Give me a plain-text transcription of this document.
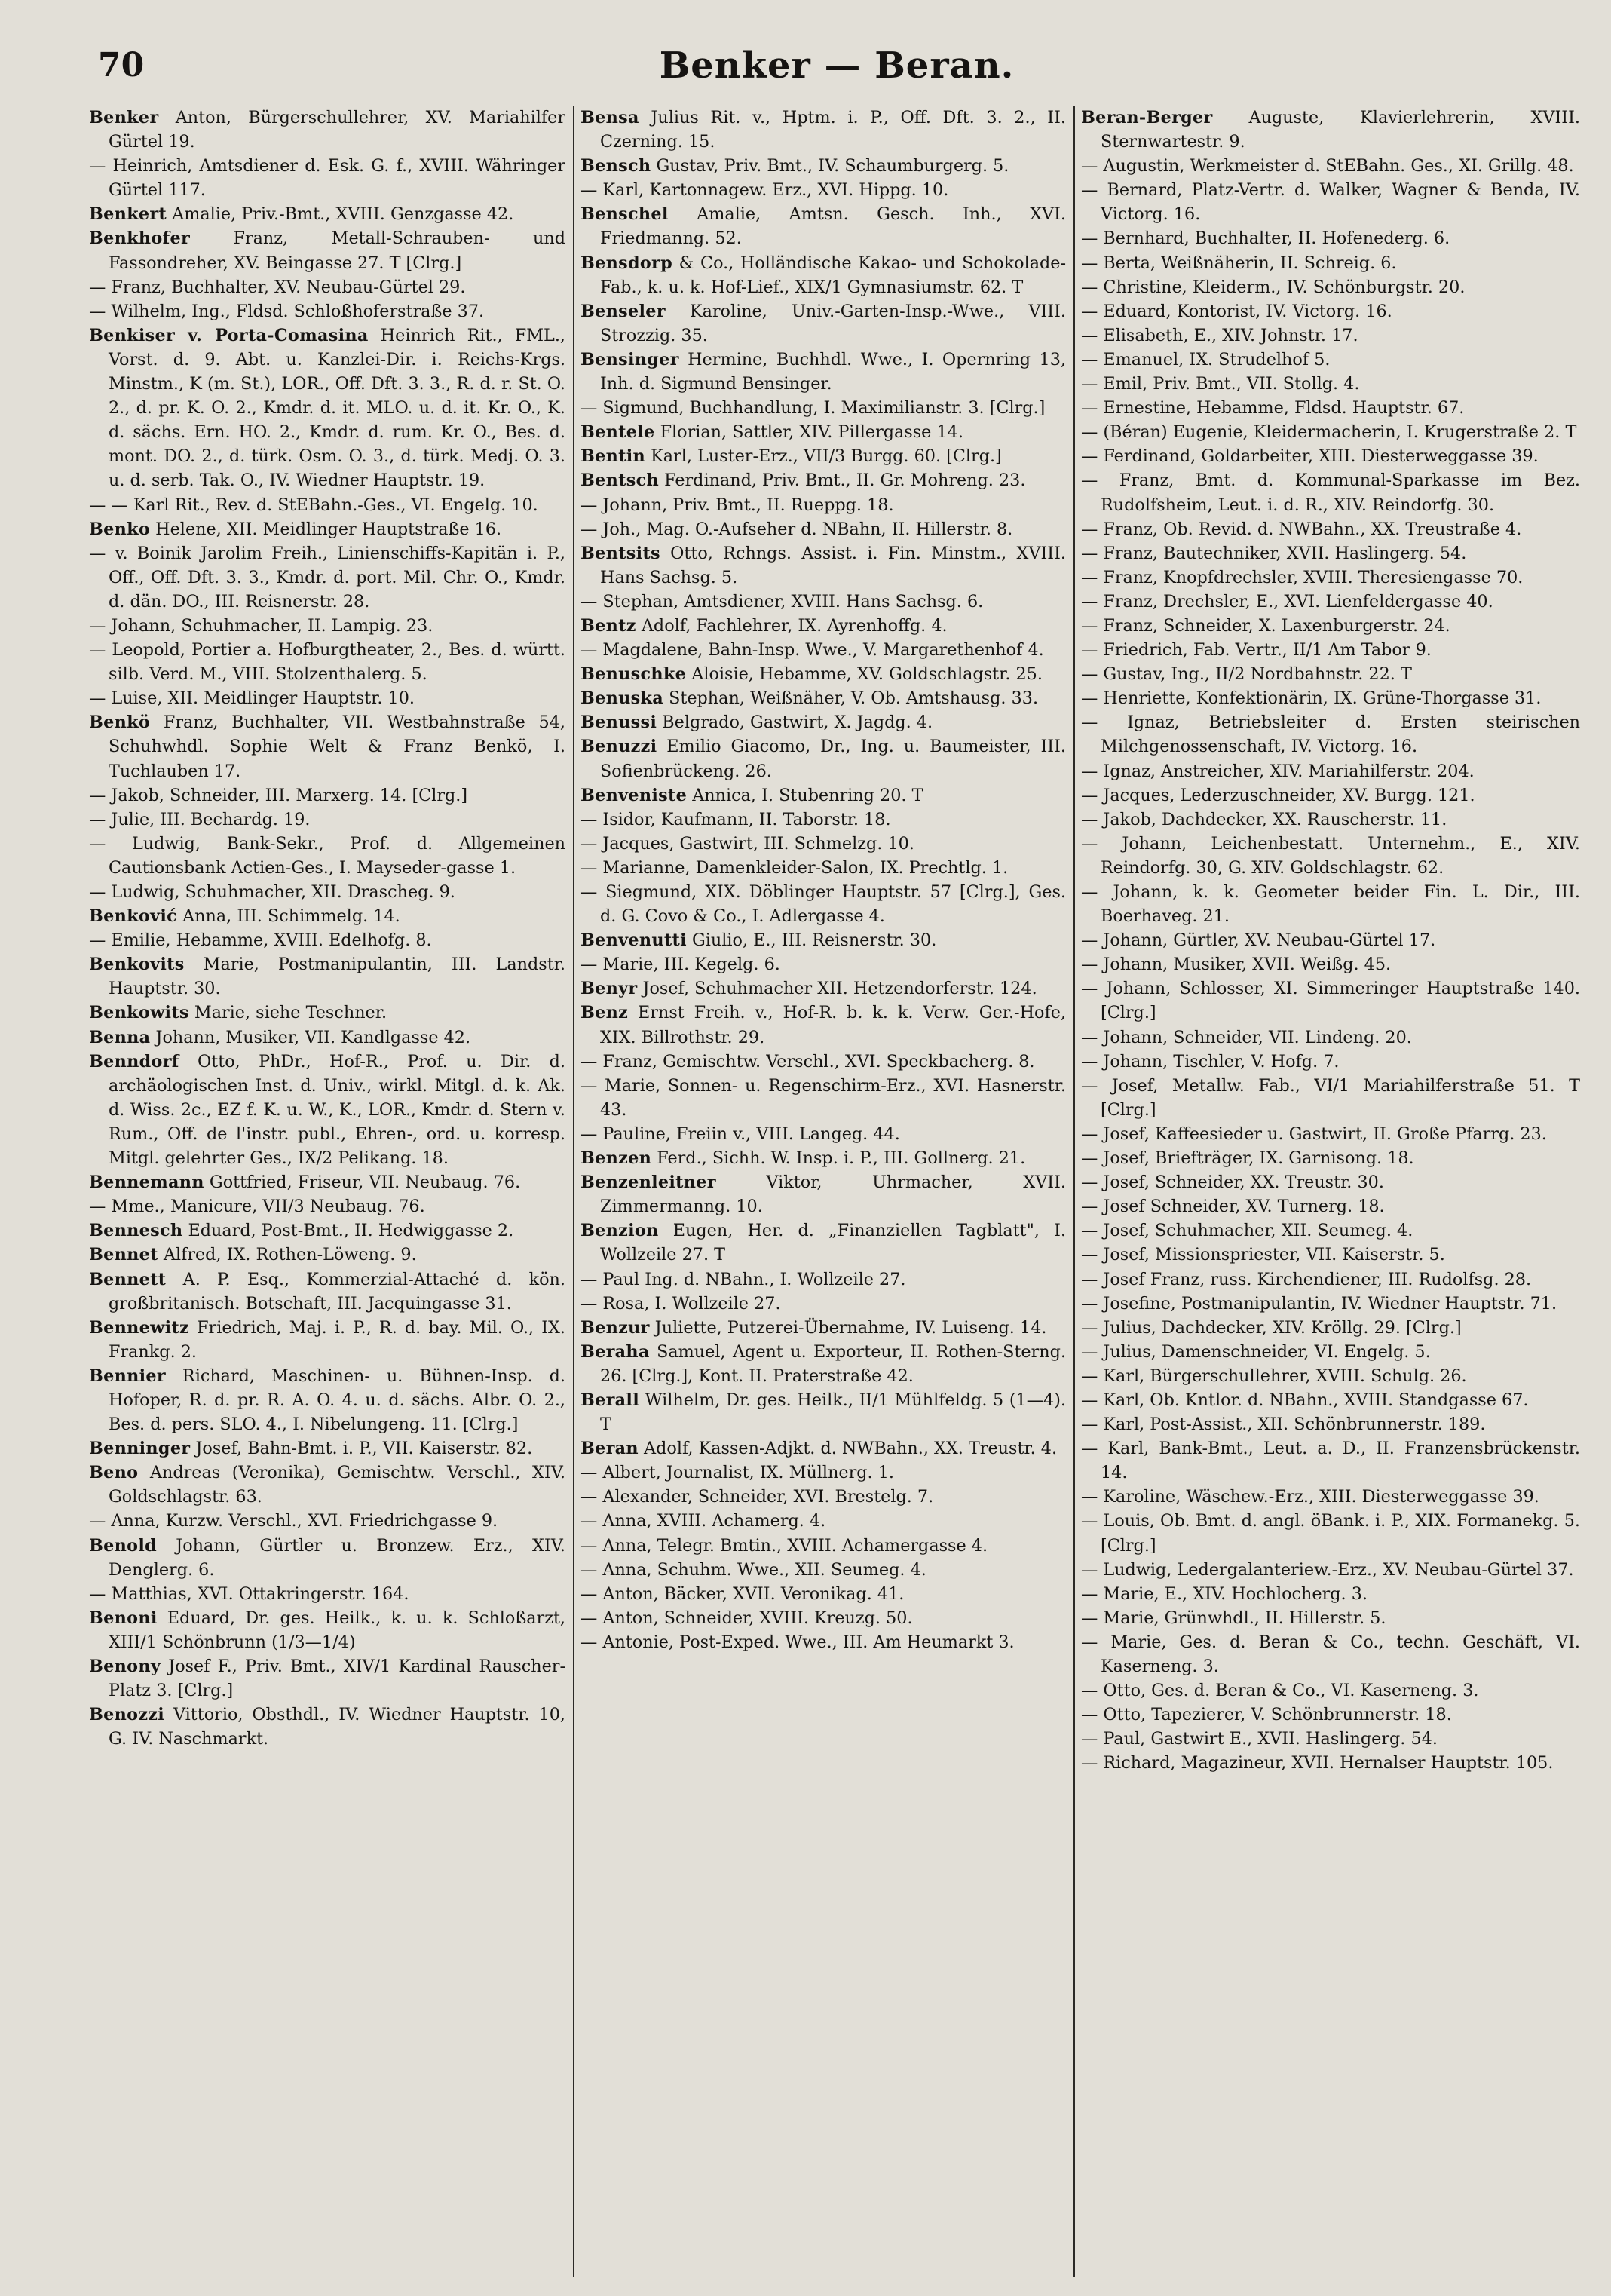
70	Benker — Beran.

Benker Anton, Bürgerschullehrer, XV. Mariahilfer Gürtel 19.

— Heinrich, Amtsdiener d. Esk. G. f., XVIII. Währinger Gürtel 117.

Benkert Amalie, Priv.-Bmt., XVIII. Genzgasse 42.

Benkhofer	Franz, Metall-Schrauben- und Fassondreher, XV. Beingasse 27. T [Clrg.]

— Franz, Buchhalter, XV. Neubau-Gürtel 29.

— Wilhelm, Ing., Fldsd. Schloßhoferstraße 37.

Benkiser v. Porta-Comasina Heinrich Rit., FML., Vorst. d. 9. Abt. u. Kanzlei-Dir. i. Reichs-Krgs. Minstm., K (m. St.), LOR., Off. Dft. 3. 3., R. d. r. St. O. 2., d. pr. K. O. 2., Kmdr. d. it. MLO. u. d. it. Kr. O., K. d. sächs. Ern. HO. 2., Kmdr. d. rum. Kr. O., Bes. d. mont. DO. 2., d. türk. Osm. O. 3., d. türk. Medj. O. 3. u. d. serb. Tak. O., IV. Wiedner Hauptstr. 19.

— — Karl Rit., Rev. d. StEBahn.-Ges., VI. Engelg. 10.

Benko Helene, XII. Meidlinger Hauptstraße 16.

— v. Boinik Jarolim Freih., Linienschiffs-Kapitän i. P., Off., Off. Dft. 3. 3., Kmdr. d. port. Mil. Chr. O., Kmdr. d. dän. DO., III. Reisnerstr. 28.

— Johann, Schuhmacher, II. Lampig. 23.

— Leopold, Portier a. Hofburgtheater, 2., Bes. d. württ. silb. Verd. M., VIII. Stolzenthalerg. 5.

— Luise, XII. Meidlinger Hauptstr. 10.

Benkö Franz, Buchhalter, VII. Westbahnstraße 54, Schuhwhdl. Sophie Welt & Franz Benkö, I. Tuchlauben 17.

— Jakob, Schneider, III. Marxerg. 14. [Clrg.]

— Julie, III. Bechardg. 19.

— Ludwig, Bank-Sekr., Prof. d. Allgemeinen Cautionsbank Actien-Ges., I. Mayseder-gasse 1.

— Ludwig, Schuhmacher, XII. Drascheg. 9.

Benković Anna, III. Schimmelg. 14.

— Emilie, Hebamme, XVIII. Edelhofg. 8.

Benkovits Marie, Postmanipulantin, III. Landstr. Hauptstr. 30.

Benkowits Marie, siehe Teschner.

Benna Johann, Musiker, VII. Kandlgasse 42.

Benndorf Otto, PhDr., Hof-R., Prof. u. Dir. d. archäologischen Inst. d. Univ., wirkl. Mitgl. d. k. Ak. d. Wiss. 2c., EZ f. K. u. W., K., LOR., Kmdr. d. Stern v. Rum., Off. de l'instr. publ., Ehren-, ord. u. korresp. Mitgl. gelehrter Ges., IX/2 Pelikang. 18.

Bennemann Gottfried, Friseur, VII. Neubaug. 76.

— Mme., Manicure, VII/3 Neubaug. 76.

Bennesch Eduard, Post-Bmt., II. Hedwiggasse 2.

Bennet Alfred, IX. Rothen-Löweng. 9.

Bennett A. P. Esq., Kommerzial-Attaché d. kön. großbritanisch. Botschaft, III. Jacquingasse 31.

Bennewitz Friedrich, Maj. i. P., R. d. bay. Mil. O., IX. Frankg. 2.

Bennier Richard, Maschinen- u. Bühnen-Insp. d. Hofoper, R. d. pr. R. A. O. 4. u. d. sächs. Albr. O. 2., Bes. d. pers. SLO. 4., I. Nibelungeng. 11. [Clrg.]

Benninger Josef, Bahn-Bmt. i. P., VII. Kaiserstr. 82.

Beno Andreas (Veronika), Gemischtw. Verschl., XIV. Goldschlagstr. 63.

— Anna, Kurzw. Verschl., XVI. Friedrichgasse 9.

Benold Johann, Gürtler u. Bronzew. Erz., XIV. Denglerg. 6.

— Matthias, XVI. Ottakringerstr. 164.

Benoni Eduard, Dr. ges. Heilk., k. u. k. Schloßarzt, XIII/1 Schönbrunn (1/3—1/4)

Benony Josef F., Priv. Bmt., XIV/1 Kardinal Rauscher-Platz 3. [Clrg.]

Benozzi Vittorio, Obsthdl., IV. Wiedner Hauptstr. 10, G. IV. Naschmarkt.

Bensa Julius Rit. v., Hptm. i. P., Off. Dft. 3. 2., II. Czerning. 15.

Bensch Gustav, Priv. Bmt., IV. Schaumburgerg. 5.

— Karl, Kartonnagew. Erz., XVI. Hippg. 10.

Benschel Amalie, Amtsn. Gesch. Inh., XVI. Friedmanng. 52.

Bensdorp & Co., Holländische Kakao- und Schokolade-Fab., k. u. k. Hof-Lief., XIX/1 Gymnasiumstr. 62. T

Benseler Karoline, Univ.-Garten-Insp.-Wwe., VIII. Strozzig. 35.

Bensinger Hermine, Buchhdl. Wwe., I. Opernring 13, Inh. d. Sigmund Bensinger.

— Sigmund, Buchhandlung, I. Maximilianstr. 3. [Clrg.]

Bentele Florian, Sattler, XIV. Pillergasse 14.

Bentin Karl, Luster-Erz., VII/3 Burgg. 60. [Clrg.]

Bentsch Ferdinand, Priv. Bmt., II. Gr. Mohreng. 23.

— Johann, Priv. Bmt., II. Rueppg. 18.

— Joh., Mag. O.-Aufseher d. NBahn, II. Hillerstr. 8.

Bentsits Otto, Rchngs. Assist. i. Fin. Minstm., XVIII. Hans Sachsg. 5.

— Stephan, Amtsdiener, XVIII. Hans Sachsg. 6.

Bentz Adolf, Fachlehrer, IX. Ayrenhoffg. 4.

— Magdalene, Bahn-Insp. Wwe., V. Margarethenhof 4.

Benuschke Aloisie, Hebamme, XV. Goldschlagstr. 25.

Benuska Stephan, Weißnäher, V. Ob. Amtshausg. 33.

Benussi Belgrado, Gastwirt, X. Jagdg. 4.

Benuzzi Emilio Giacomo, Dr., Ing. u. Baumeister, III. Sofienbrückeng. 26.

Benveniste Annica, I. Stubenring 20. T

— Isidor, Kaufmann, II. Taborstr. 18.

— Jacques, Gastwirt, III. Schmelzg. 10.

— Marianne, Damenkleider-Salon, IX. Prechtlg. 1.

— Siegmund, XIX. Döblinger Hauptstr. 57 [Clrg.], Ges. d. G. Covo & Co., I. Adlergasse 4.

Benvenutti Giulio, E., III. Reisnerstr. 30.

— Marie, III. Kegelg. 6.

Benyr Josef, Schuhmacher XII. Hetzendorferstr. 124.

Benz Ernst Freih. v., Hof-R. b. k. k. Verw. Ger.-Hofe, XIX. Billrothstr. 29.

— Franz, Gemischtw. Verschl., XVI. Speckbacherg. 8.

— Marie, Sonnen- u. Regenschirm-Erz., XVI. Hasnerstr. 43.

— Pauline, Freiin v., VIII. Langeg. 44.

Benzen Ferd., Sichh. W. Insp. i. P., III. Gollnerg. 21.

Benzenleitner	Viktor, Uhrmacher, XVII. Zimmermanng. 10.

Benzion Eugen, Her. d. „Finanziellen Tagblatt", I. Wollzeile 27. T

— Paul Ing. d. NBahn., I. Wollzeile 27.

— Rosa, I. Wollzeile 27.

Benzur Juliette, Putzerei-Übernahme, IV. Luiseng. 14.

Beraha Samuel, Agent u. Exporteur, II. Rothen-Sterng. 26. [Clrg.], Kont. II. Praterstraße 42.

Berall Wilhelm, Dr. ges. Heilk., II/1 Mühlfeldg. 5 (1—4). T

Beran Adolf, Kassen-Adjkt. d. NWBahn., XX. Treustr. 4.

— Albert, Journalist, IX. Müllnerg. 1.

— Alexander, Schneider, XVI. Brestelg. 7.

— Anna, XVIII. Achamerg. 4.

— Anna, Telegr. Bmtin., XVIII. Achamergasse 4.

— Anna, Schuhm. Wwe., XII. Seumeg. 4.

— Anton, Bäcker, XVII. Veronikag. 41.

— Anton, Schneider, XVIII. Kreuzg. 50.

— Antonie, Post-Exped. Wwe., III. Am Heumarkt 3.

Beran-Berger Auguste, Klavierlehrerin, XVIII. Sternwartestr. 9.

— Augustin, Werkmeister d. StEBahn. Ges., XI. Grillg. 48.

— Bernard, Platz-Vertr. d. Walker, Wagner & Benda, IV. Victorg. 16.

— Bernhard, Buchhalter, II. Hofenederg. 6.

— Berta, Weißnäherin, II. Schreig. 6.

— Christine, Kleiderm., IV. Schönburgstr. 20.

— Eduard, Kontorist, IV. Victorg. 16.

— Elisabeth, E., XIV. Johnstr. 17.

— Emanuel, IX. Strudelhof 5.

— Emil, Priv. Bmt., VII. Stollg. 4.

— Ernestine, Hebamme, Fldsd. Hauptstr. 67.

— (Béran) Eugenie, Kleidermacherin, I. Krugerstraße 2. T

— Ferdinand, Goldarbeiter, XIII. Diesterweggasse 39.

— Franz, Bmt. d. Kommunal-Sparkasse im Bez. Rudolfsheim, Leut. i. d. R., XIV. Reindorfg. 30.

— Franz, Ob. Revid. d. NWBahn., XX. Treustraße 4.

— Franz, Bautechniker, XVII. Haslingerg. 54.

— Franz, Knopfdrechsler, XVIII. Theresiengasse 70.

— Franz, Drechsler, E., XVI. Lienfeldergasse 40.

— Franz, Schneider, X. Laxenburgerstr. 24.

— Friedrich, Fab. Vertr., II/1 Am Tabor 9.

— Gustav, Ing., II/2 Nordbahnstr. 22. T

— Henriette, Konfektionärin, IX. Grüne-Thorgasse 31.

— Ignaz, Betriebsleiter d. Ersten steirischen Milchgenossenschaft, IV. Victorg. 16.

— Ignaz, Anstreicher, XIV. Mariahilferstr. 204.

— Jacques, Lederzuschneider, XV. Burgg. 121.

— Jakob, Dachdecker, XX. Rauscherstr. 11.

— Johann, Leichenbestatt. Unternehm., E., XIV. Reindorfg. 30, G. XIV. Goldschlagstr. 62.

— Johann, k. k. Geometer beider Fin. L. Dir., III. Boerhaveg. 21.

— Johann, Gürtler, XV. Neubau-Gürtel 17.

— Johann, Musiker, XVII. Weißg. 45.

— Johann, Schlosser, XI. Simmeringer Hauptstraße 140. [Clrg.]

— Johann, Schneider, VII. Lindeng. 20.

— Johann, Tischler, V. Hofg. 7.

— Josef, Metallw. Fab., VI/1 Mariahilferstraße 51. T [Clrg.]

— Josef, Kaffeesieder u. Gastwirt, II. Große Pfarrg. 23.

— Josef, Briefträger, IX. Garnisong. 18.

— Josef, Schneider, XX. Treustr. 30.

— Josef Schneider, XV. Turnerg. 18.

— Josef, Schuhmacher, XII. Seumeg. 4.

— Josef, Missionspriester, VII. Kaiserstr. 5.

— Josef Franz, russ. Kirchendiener, III. Rudolfsg. 28.

— Josefine, Postmanipulantin, IV. Wiedner Hauptstr. 71.

— Julius, Dachdecker, XIV. Kröllg. 29. [Clrg.]

— Julius, Damenschneider, VI. Engelg. 5.

— Karl, Bürgerschullehrer, XVIII. Schulg. 26.

— Karl, Ob. Kntlor. d. NBahn., XVIII. Standgasse 67.

— Karl, Post-Assist., XII. Schönbrunnerstr. 189.

— Karl, Bank-Bmt., Leut. a. D., II. Franzensbrückenstr. 14.

— Karoline, Wäschew.-Erz., XIII. Diesterweggasse 39.

— Louis, Ob. Bmt. d. angl. öBank. i. P., XIX. Formanekg. 5. [Clrg.]

— Ludwig, Ledergalanteriew.-Erz., XV. Neubau-Gürtel 37.

— Marie, E., XIV. Hochlocherg. 3.

— Marie, Grünwhdl., II. Hillerstr. 5.

— Marie, Ges. d. Beran & Co., techn. Geschäft, VI. Kaserneng. 3.

— Otto, Ges. d. Beran & Co., VI. Kaserneng. 3.

— Otto, Tapezierer, V. Schönbrunnerstr. 18.

— Paul, Gastwirt E., XVII. Haslingerg. 54.

— Richard, Magazineur, XVII. Hernalser Hauptstr. 105.
